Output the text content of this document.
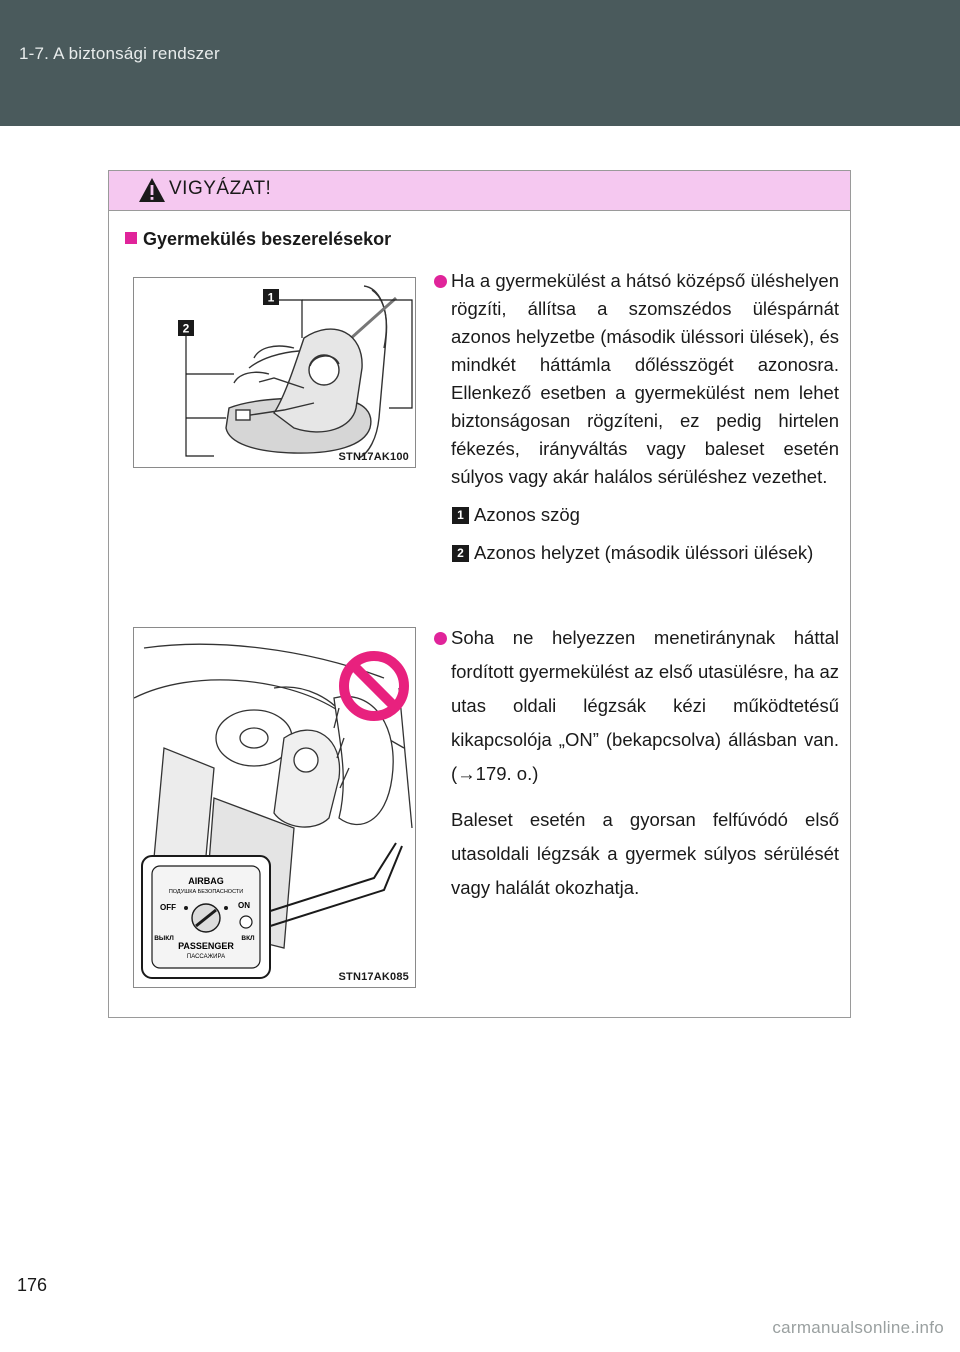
1-7. A biztonsági rendszer
VIGYÁZAT!
Gyermekülés beszerelésekor
1
2
STN17AK100
AIRBAG
ПОДУШКА БЕЗОПАСНОСТИ
OFF	ON
ВЫКЛ	ВКЛ
PASSENGER
ПАССАЖИРА
STN17AK085
Ha a gyermekülést a hátsó középső üléshelyen rögzíti, állítsa a szomszédos üléspárnát azonos helyzetbe (második üléssori ülések), és mindkét háttámla dőlésszögét azonosra. Ellenkező esetben a gyermekülést nem lehet biztonságosan rögzíteni, ez pedig hirtelen fékezés, irányváltás vagy baleset esetén súlyos vagy akár halálos sérüléshez vezethet.
1 Azonos szög
2 Azonos helyzet (második üléssori ülések)
Soha ne helyezzen menetiránynak háttal fordított gyermekülést az első utasülésre, ha az utas oldali légzsák kézi működtetésű kikapcsolója „ON” (bekapcsolva) állásban van. (→179. o.)
Baleset esetén a gyorsan felfúvódó első utasoldali légzsák a gyermek súlyos sérülését vagy halálát okozhatja.
176
carmanualsonline.info
